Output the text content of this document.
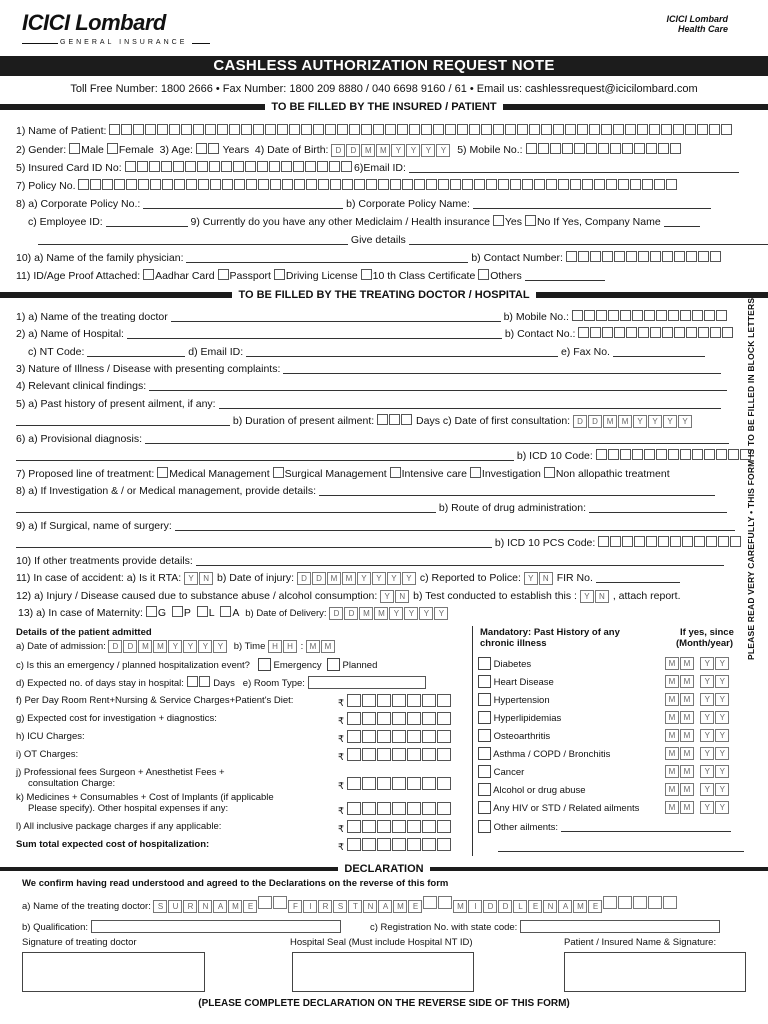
ICICI Lombard
GENERAL INSURANCE
ICICI Lombard
Health Care
CASHLESS AUTHORIZATION REQUEST NOTE
Toll Free Number: 1800 2666 • Fax Number: 1800 209 8880 / 040 6698 9160 / 61 • Email us: cashlessrequest@icicilombard.com
TO BE FILLED BY THE INSURED / PATIENT
1) Name of Patient:
2) Gender: Male Female 3) Age:	Years 4) Date of Birth: D D M M Y Y Y Y 5) Mobile No.:
5) Insured Card ID No:	6)Email ID:
7) Policy No.
8) a) Corporate Policy No.:	b) Corporate Policy Name:
c) Employee ID:	9) Currently do you have any other Mediclaim / Health insurance Yes No If Yes, Company Name
Give details
10) a) Name of the family physician:	b) Contact Number:
11) ID/Age Proof Attached: Aadhar Card Passport Driving License 10 th Class Certificate Others
TO BE FILLED BY THE TREATING DOCTOR / HOSPITAL
1) a) Name of the treating doctor	b) Mobile No.:
2) a) Name of Hospital:	b) Contact No.:
c) NT Code:	d) Email ID:	e) Fax No.
3) Nature of Illness / Disease with presenting complaints:
4) Relevant clinical findings:
5) a) Past history of present ailment, if any:
b) Duration of present ailment:	Days c) Date of first consultation: D D M M Y Y Y Y
6) a) Provisional diagnosis:
b) ICD 10 Code:
7) Proposed line of treatment: Medical Management Surgical Management Intensive care Investigation Non allopathic treatment
8) a) If Investigation & / or Medical management, provide details:
b) Route of drug administration:
9) a) If Surgical, name of surgery:
b) ICD 10 PCS Code:
10) If other treatments provide details:
11) In case of accident: a) Is it RTA: Y N b) Date of injury: D D M M Y Y Y Y c) Reported to Police: Y N FIR No.
12) a) Injury / Disease caused due to substance abuse / alcohol consumption: Y N b) Test conducted to establish this : Y N , attach report.
13) a) In case of Maternity: G P L A b) Date of Delivery: D D M M Y Y Y Y	PLEASE READ VERY CAREFULLY • THIS FORM IS TO BE FILLED IN BLOCK LETTERS
Details of the patient admitted
a) Date of admission: D D M M Y Y Y Y b) Time H H : M M
c) Is this an emergency / planned hospitalization event? Emergency Planned
d) Expected no. of days stay in hospital:	Days e) Room Type:
f) Per Day Room Rent+Nursing & Service Charges+Patient's Diet:	₹
g) Expected cost for investigation + diagnostics:	₹
h) ICU Charges:	₹
i) OT Charges:	₹
j) Professional fees Surgeon + Anesthetist Fees +
consultation Charge:	₹
k) Medicines + Consumables + Cost of Implants (if applicable
Please specify). Other hospital expenses if any:	₹
l) All inclusive package charges if any applicable:	₹
Sum total expected cost of hospitalization:	₹
Mandatory: Past History of any
chronic illness
If yes, since
(Month/year)
Diabetes	M M Y Y
Heart Disease	M M Y Y
Hypertension	M M Y Y
Hyperlipidemias	M M Y Y
Osteoarthritis	M M Y Y
Asthma / COPD / Bronchitis	M M Y Y
Cancer	M M Y Y
Alcohol or drug abuse	M M Y Y
Any HIV or STD / Related ailments	M M Y Y
Other ailments:
DECLARATION
We confirm having read understood and agreed to the Declarations on the reverse of this form
a) Name of the treating doctor: S U R N A M E	F I R S T N A M E	M I D D L E N A M E
b) Qualification:	c) Registration No. with state code:
Signature of treating doctor	Hospital Seal (Must include Hospital NT ID)	Patient / Insured Name & Signature:
(PLEASE COMPLETE DECLARATION ON THE REVERSE SIDE OF THIS FORM)
